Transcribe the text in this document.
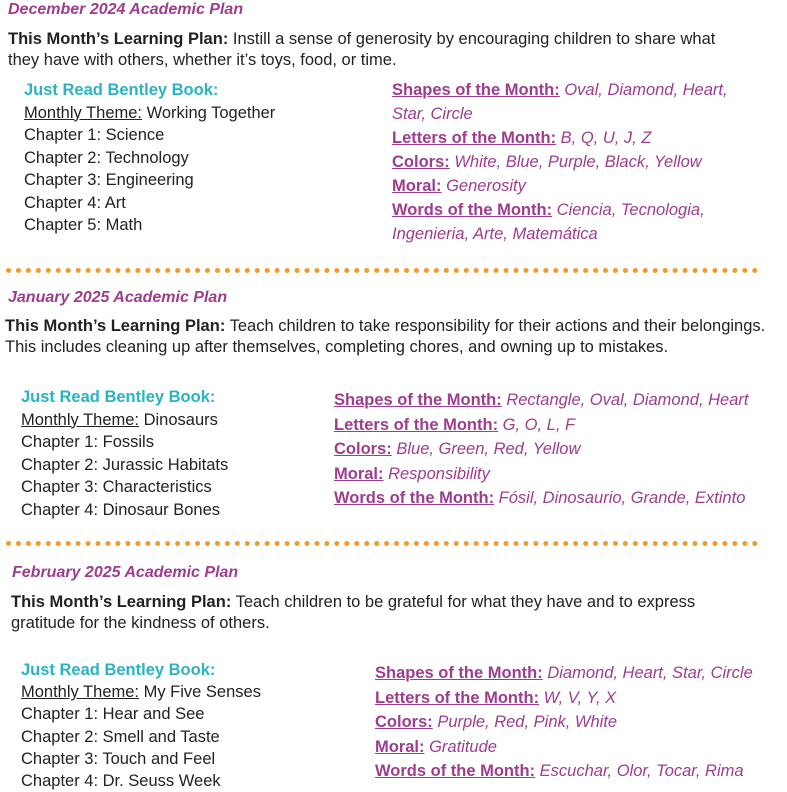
December 2024 Academic Plan
This Month’s Learning Plan: Instill a sense of generosity by encouraging children to share what they have with others, whether it’s toys, food, or time.
Just Read Bentley Book:
Monthly Theme: Working Together
Chapter 1: Science
Chapter 2: Technology
Chapter 3: Engineering
Chapter 4: Art
Chapter 5: Math
Shapes of the Month: Oval, Diamond, Heart, Star, Circle
Letters of the Month: B, Q, U, J, Z
Colors: White, Blue, Purple, Black, Yellow
Moral: Generosity
Words of the Month: Ciencia, Tecnologia, Ingenieria, Arte, Matemática
January 2025 Academic Plan
This Month’s Learning Plan: Teach children to take responsibility for their actions and their belongings. This includes cleaning up after themselves, completing chores, and owning up to mistakes.
Just Read Bentley Book:
Monthly Theme: Dinosaurs
Chapter 1: Fossils
Chapter 2: Jurassic Habitats
Chapter 3: Characteristics
Chapter 4: Dinosaur Bones
Shapes of the Month: Rectangle, Oval, Diamond, Heart
Letters of the Month: G, O, L, F
Colors: Blue, Green, Red, Yellow
Moral: Responsibility
Words of the Month: Fósil, Dinosaurio, Grande, Extinto
February 2025 Academic Plan
This Month’s Learning Plan: Teach children to be grateful for what they have and to express gratitude for the kindness of others.
Just Read Bentley Book:
Monthly Theme: My Five Senses
Chapter 1: Hear and See
Chapter 2: Smell and Taste
Chapter 3: Touch and Feel
Chapter 4: Dr. Seuss Week
Shapes of the Month: Diamond, Heart, Star, Circle
Letters of the Month: W, V, Y, X
Colors: Purple, Red, Pink, White
Moral: Gratitude
Words of the Month: Escuchar, Olor, Tocar, Rima
